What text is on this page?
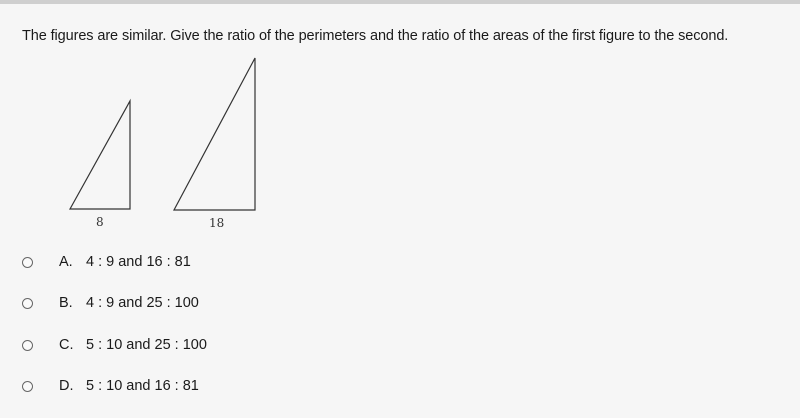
The figures are similar. Give the ratio of the perimeters and the ratio of the areas of the first figure to the second.
8	18
A. 4 : 9 and 16 : 81
B. 4 : 9 and 25 : 100
C. 5 : 10 and 25 : 100
D. 5 : 10 and 16 : 81
